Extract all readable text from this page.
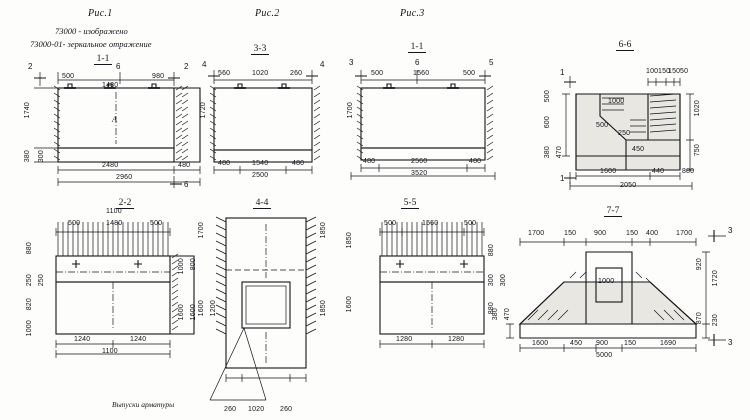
Рис.1	Рис.2	Рис.3
73000 - изображено
73000-01- зеркальное отражение
1-1
3-3	1-1	6-6
2-2	4-4	5-5
7-7
А
2	6	2
6
500
1480
980
2480	480
2960
1740
380 300
4	4
560	1020	260
480	1540	480
2500
1720
3	6	5
500	1560	500
480	2560	480
3520
1700
1
1
100 150
150 50
1000
500
250
450
1600	440	880
2050
1020
750
500
600
380 470
1100
500	1480	500
1240	1240
1100
880
250 250
820
1000
1000 800
1600 1600
1700	1850
1600 1200	1850
260 1020 260
Выпуски арматуры
500	1560	500
1280	1280
880
300 300
880
1850
1600
3
3
1700	150	900	150 400	1700
1600	450 900 150	1690
5000
920
1720
870 230
380 470
1000
